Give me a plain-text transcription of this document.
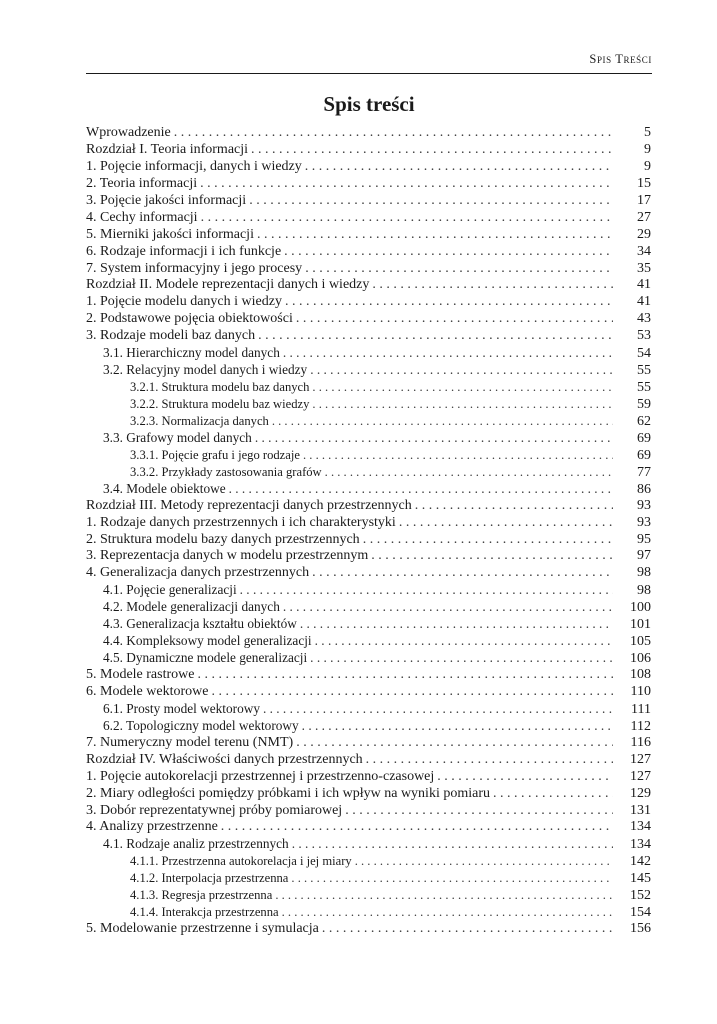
Spis Treści
Spis treści
Wprowadzenie . . .	5
Rozdział I. Teoria informacji . . .	9
1. Pojęcie informacji, danych i wiedzy . . .	9
2. Teoria informacji . . .	15
3. Pojęcie jakości informacji . . .	17
4. Cechy informacji . . .	27
5. Mierniki jakości informacji . . .	29
6. Rodzaje informacji i ich funkcje . . .	34
7. System informacyjny i jego procesy . . .	35
Rozdział II. Modele reprezentacji danych i wiedzy . . .	41
1. Pojęcie modelu danych i wiedzy . . .	41
2. Podstawowe pojęcia obiektowości . . .	43
3. Rodzaje modeli baz danych . . .	53
3.1. Hierarchiczny model danych . . .	54
3.2. Relacyjny model danych i wiedzy . . .	55
3.2.1. Struktura modelu baz danych . . .	55
3.2.2. Struktura modelu baz wiedzy . . .	59
3.2.3. Normalizacja danych . . .	62
3.3. Grafowy model danych . . .	69
3.3.1. Pojęcie grafu i jego rodzaje . . .	69
3.3.2. Przykłady zastosowania grafów . . .	77
3.4. Modele obiektowe . . .	86
Rozdział III. Metody reprezentacji danych przestrzennych . . .	93
1. Rodzaje danych przestrzennych i ich charakterystyki . . .	93
2. Struktura modelu bazy danych przestrzennych . . .	95
3. Reprezentacja danych w modelu przestrzennym . . .	97
4. Generalizacja danych przestrzennych . . .	98
4.1. Pojęcie generalizacji . . .	98
4.2. Modele generalizacji danych . . .	100
4.3. Generalizacja kształtu obiektów . . .	101
4.4. Kompleksowy model generalizacji . . .	105
4.5. Dynamiczne modele generalizacji . . .	106
5. Modele rastrowe . . .	108
6. Modele wektorowe . . .	110
6.1. Prosty model wektorowy . . .	111
6.2. Topologiczny model wektorowy . . .	112
7. Numeryczny model terenu (NMT) . . .	116
Rozdział IV. Właściwości danych przestrzennych . . .	127
1. Pojęcie autokorelacji przestrzennej i przestrzenno-czasowej . . .	127
2. Miary odległości pomiędzy próbkami i ich wpływ na wyniki pomiaru . . .	129
3. Dobór reprezentatywnej próby pomiarowej . . .	131
4. Analizy przestrzenne . . .	134
4.1. Rodzaje analiz przestrzennych . . .	134
4.1.1. Przestrzenna autokorelacja i jej miary . . .	142
4.1.2. Interpolacja przestrzenna . . .	145
4.1.3. Regresja przestrzenna . . .	152
4.1.4. Interakcja przestrzenna . . .	154
5. Modelowanie przestrzenne i symulacja . . .	156
